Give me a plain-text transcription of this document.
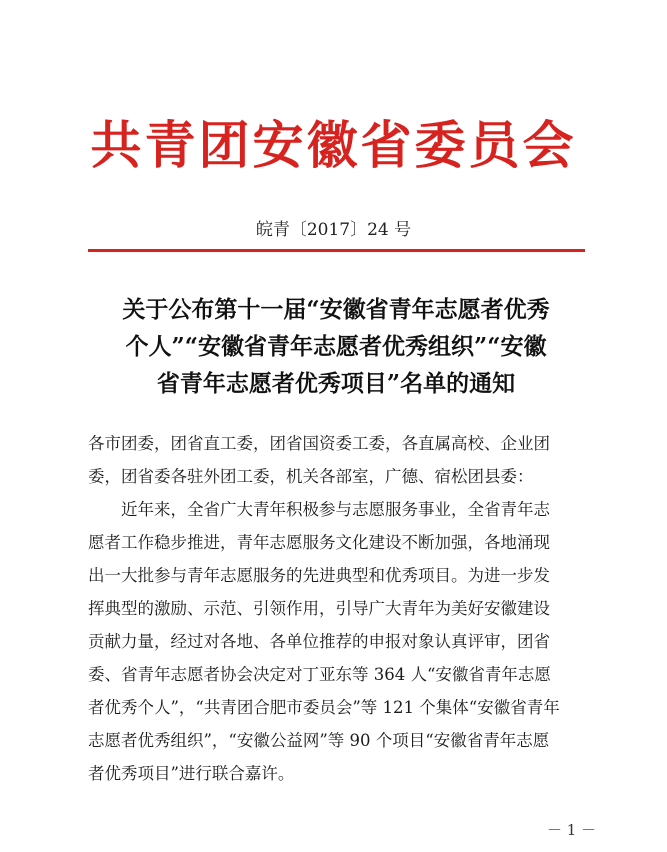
共青团安徽省委员会
皖青〔2017〕24 号
关于公布第十一届“安徽省青年志愿者优秀
个人”“安徽省青年志愿者优秀组织”“安徽
省青年志愿者优秀项目”名单的通知
各市团委，团省直工委，团省国资委工委，各直属高校、企业团
委，团省委各驻外团工委，机关各部室，广德、宿松团县委：
近年来，全省广大青年积极参与志愿服务事业，全省青年志
愿者工作稳步推进，青年志愿服务文化建设不断加强，各地涌现
出一大批参与青年志愿服务的先进典型和优秀项目。为进一步发
挥典型的激励、示范、引领作用，引导广大青年为美好安徽建设
贡献力量，经过对各地、各单位推荐的申报对象认真评审，团省
委、省青年志愿者协会决定对丁亚东等 364 人“安徽省青年志愿
者优秀个人”，“共青团合肥市委员会”等 121 个集体“安徽省青年
志愿者优秀组织”，“安徽公益网”等 90 个项目“安徽省青年志愿
者优秀项目”进行联合嘉许。
－ 1 －
